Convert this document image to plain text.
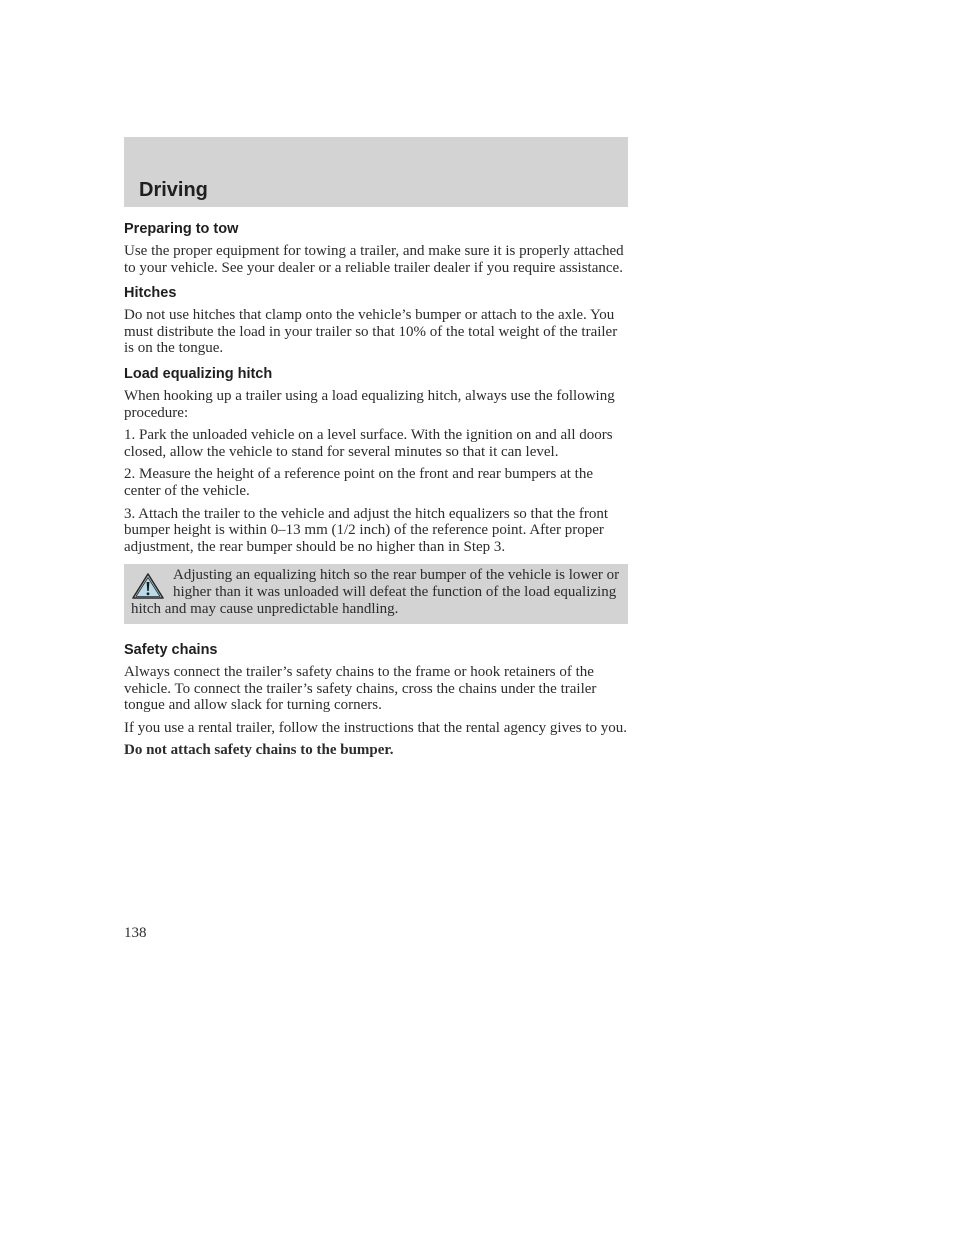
Driving
Preparing to tow

Use the proper equipment for towing a trailer, and make sure it is properly attached to your vehicle. See your dealer or a reliable trailer dealer if you require assistance.

Hitches

Do not use hitches that clamp onto the vehicle’s bumper or attach to the axle. You must distribute the load in your trailer so that 10% of the total weight of the trailer is on the tongue.

Load equalizing hitch

When hooking up a trailer using a load equalizing hitch, always use the following procedure:

1. Park the unloaded vehicle on a level surface. With the ignition on and all doors closed, allow the vehicle to stand for several minutes so that it can level.

2. Measure the height of a reference point on the front and rear bumpers at the center of the vehicle.

3. Attach the trailer to the vehicle and adjust the hitch equalizers so that the front bumper height is within 0–13 mm (1/2 inch) of the reference point. After proper adjustment, the rear bumper should be no higher than in Step 3.

Adjusting an equalizing hitch so the rear bumper of the vehicle is lower or higher than it was unloaded will defeat the function of the load equalizing hitch and may cause unpredictable handling.

Safety chains

Always connect the trailer’s safety chains to the frame or hook retainers of the vehicle. To connect the trailer’s safety chains, cross the chains under the trailer tongue and allow slack for turning corners.

If you use a rental trailer, follow the instructions that the rental agency gives to you.

Do not attach safety chains to the bumper.

138
